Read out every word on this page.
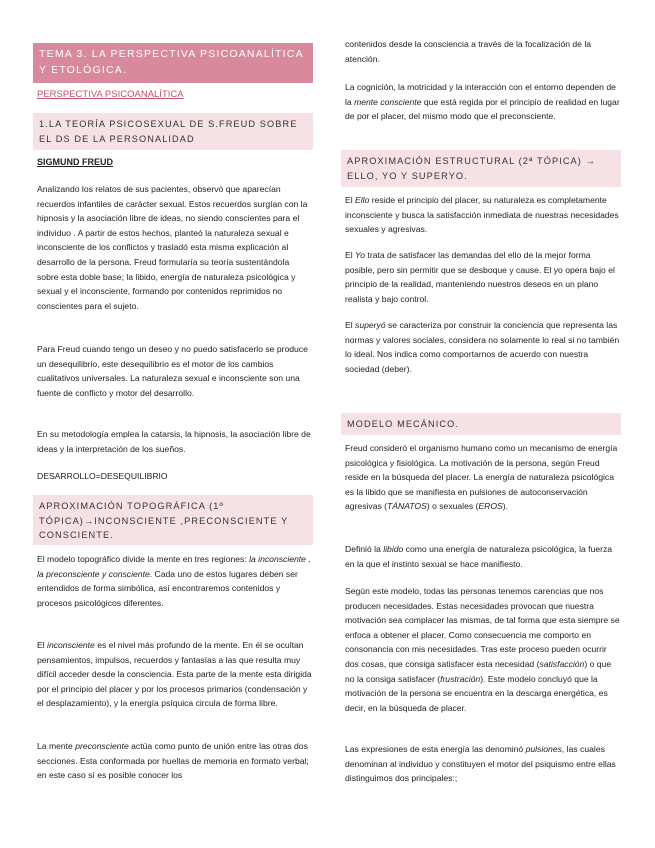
TEMA 3. LA PERSPECTIVA PSICOANALÍTICA Y ETOLÓGICA.
PERSPECTIVA PSICOANALÍTICA
1.LA TEORÍA PSICOSEXUAL DE S.FREUD SOBRE EL DS DE LA PERSONALIDAD
SIGMUND FREUD
Analizando los relatos de sus pacientes, observó que aparecían recuerdos infantiles de carácter sexual. Estos recuerdos surgían con la hipnosis y la asociación libre de ideas, no siendo conscientes para el individuo . A partir de estos hechos, planteó la naturaleza sexual e inconsciente de los conflictos y trasladó esta misma explicación al desarrollo de la persona. Freud formularía su teoría sustentándola sobre esta doble base; la libido, energía de naturaleza psicológica y sexual y el inconsciente, formando por contenidos reprimidos no conscientes para el sujeto.
Para Freud cuando tengo un deseo y no puedo satisfacerlo se produce un desequilibrio, este desequilibrio es el motor de los cambios cualitativos universales. La naturaleza sexual e inconsciente son una fuente de conflicto y motor del desarrollo.
En su metodología emplea la catarsis, la hipnosis, la asociación libre de ideas y la interpretación de los sueños.
DESARROLLO=DESEQUILIBRIO
APROXIMACIÓN TOPOGRÁFICA (1º TÓPICA)→INCONSCIENTE ,PRECONSCIENTE Y CONSCIENTE.
El modelo topográfico divide la mente en tres regiones: la inconsciente , la preconsciente y consciente. Cada uno de estos lugares deben ser entendidos de forma simbólica, así encontraremos contenidos y procesos psicológicos diferentes.
El inconsciente es el nivel más profundo de la mente. En él se ocultan pensamientos, impulsos, recuerdos y fantasías a las que resulta muy difícil acceder desde la consciencia. Esta parte de la mente esta dirigida por el principio del placer y por los procesos primarios (condensación y el desplazamiento), y la energía psíquica circula de forma libre.
La mente preconsciente actúa como punto de unión entre las otras dos secciones. Esta conformada por huellas de memoria en formato verbal; en este caso sí es posible conocer los
contenidos desde la consciencia a través de la focalización de la atención.
La cognición, la motricidad y la interacción con el entorno dependen de la mente consciente que está regida por el principio de realidad en lugar de por el placer, del mismo modo que el preconsciente.
APROXIMACIÓN ESTRUCTURAL (2ª TÓPICA) → ELLO, YO Y SUPERYO.
El Ello reside el principio del placer, su naturaleza es completamente inconsciente y busca la satisfacción inmediata de nuestras necesidades sexuales y agresivas.
El Yo trata de satisfacer las demandas del ello de la mejor forma posible, pero sin permitir que se desboque y cause. El yo opera bajo el principio de la realidad, manteniendo nuestros deseos en un plano realista y bajo control.
El superyó se caracteriza por construir la conciencia que representa las normas y valores sociales, considera no solamente lo real si no también lo ideal. Nos indica como comportarnos de acuerdo con nuestra sociedad (deber).
MODELO MECÁNICO.
Freud consideró el organismo humano como un mecanismo de energía psicológica y fisiológica. La motivación de la persona, según Freud reside en la búsqueda del placer. La energía de naturaleza psicológica es la libido que se manifiesta en pulsiones de autoconservación agresivas (TÁNATOS) o sexuales (EROS).
Definió la libido como una energía de naturaleza psicológica, la fuerza en la que el instinto sexual se hace manifiesto.
Según este modelo, todas las personas tenemos carencias que nos producen necesidades. Estas necesidades provocan que nuestra motivación sea complacer las mismas, de tal forma que esta siempre se enfoca a obtener el placer. Como consecuencia me comporto en consonancia con mis necesidades. Tras este proceso pueden ocurrir dos cosas, que consiga satisfacer esta necesidad (satisfacción) o que no la consiga satisfacer (frustración). Este modelo concluyó que la motivación de la persona se encuentra en la descarga energética, es decir, en la búsqueda de placer.
Las expresiones de esta energía las denominó pulsiones, las cuales denominan al individuo y constituyen el motor del psiquismo entre ellas distinguimos dos principales:;
